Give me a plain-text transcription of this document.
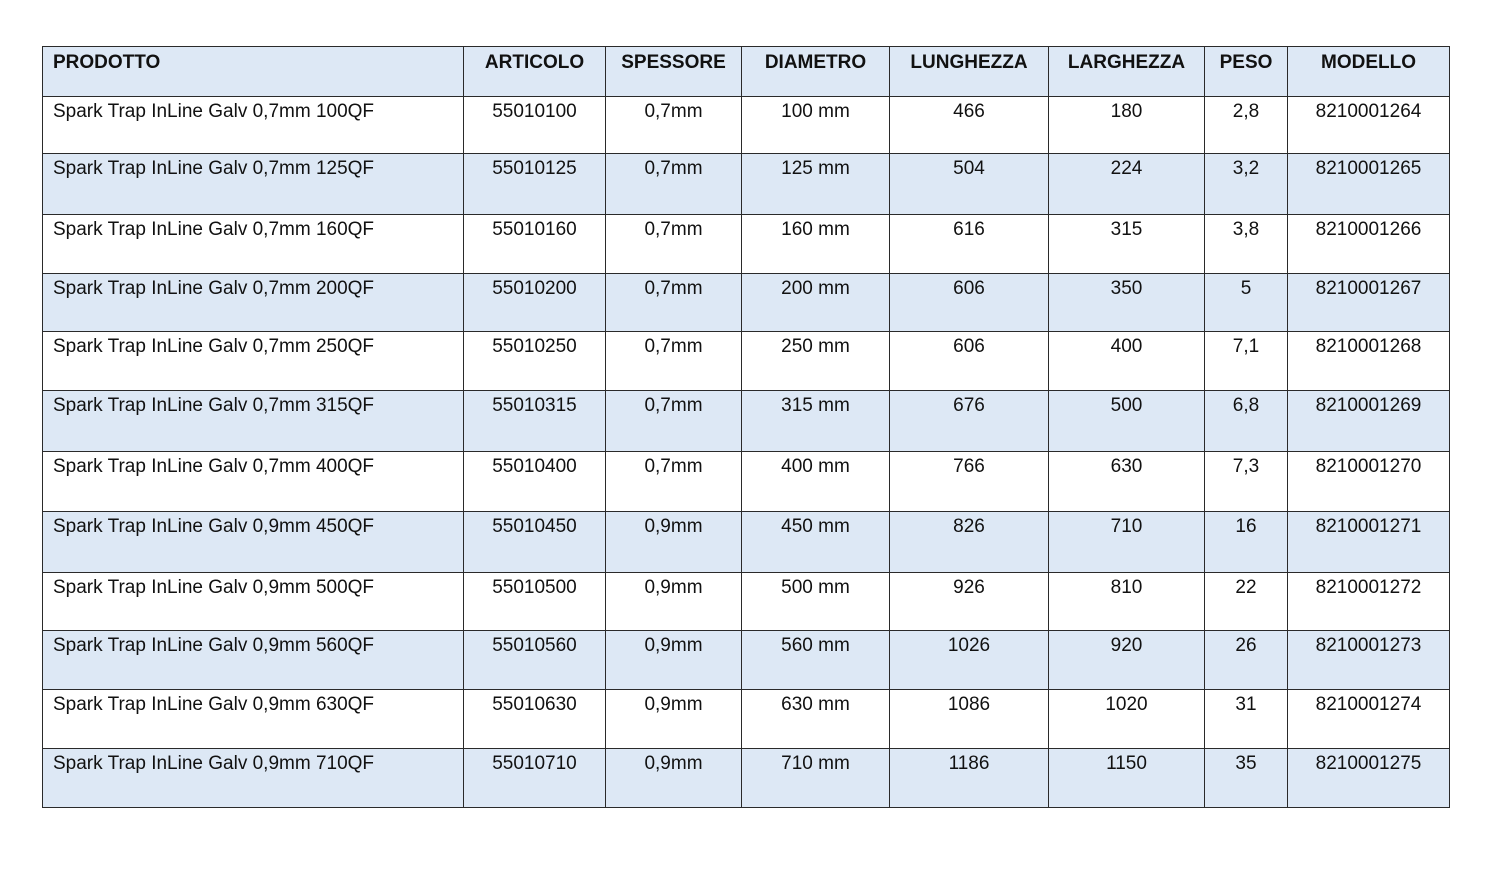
PRODOTTO	ARTICOLO	SPESSORE	DIAMETRO	LUNGHEZZA	LARGHEZZA	PESO	MODELLO
Spark Trap InLine Galv 0,7mm 100QF	55010100	0,7mm	100 mm	466	180	2,8	8210001264
Spark Trap InLine Galv 0,7mm 125QF	55010125	0,7mm	125 mm	504	224	3,2	8210001265
Spark Trap InLine Galv 0,7mm 160QF	55010160	0,7mm	160 mm	616	315	3,8	8210001266
Spark Trap InLine Galv 0,7mm 200QF	55010200	0,7mm	200 mm	606	350	5	8210001267
Spark Trap InLine Galv 0,7mm 250QF	55010250	0,7mm	250 mm	606	400	7,1	8210001268
Spark Trap InLine Galv 0,7mm 315QF	55010315	0,7mm	315 mm	676	500	6,8	8210001269
Spark Trap InLine Galv 0,7mm 400QF	55010400	0,7mm	400 mm	766	630	7,3	8210001270
Spark Trap InLine Galv 0,9mm 450QF	55010450	0,9mm	450 mm	826	710	16	8210001271
Spark Trap InLine Galv 0,9mm 500QF	55010500	0,9mm	500 mm	926	810	22	8210001272
Spark Trap InLine Galv 0,9mm 560QF	55010560	0,9mm	560 mm	1026	920	26	8210001273
Spark Trap InLine Galv 0,9mm 630QF	55010630	0,9mm	630 mm	1086	1020	31	8210001274
Spark Trap InLine Galv 0,9mm 710QF	55010710	0,9mm	710 mm	1186	1150	35	8210001275
